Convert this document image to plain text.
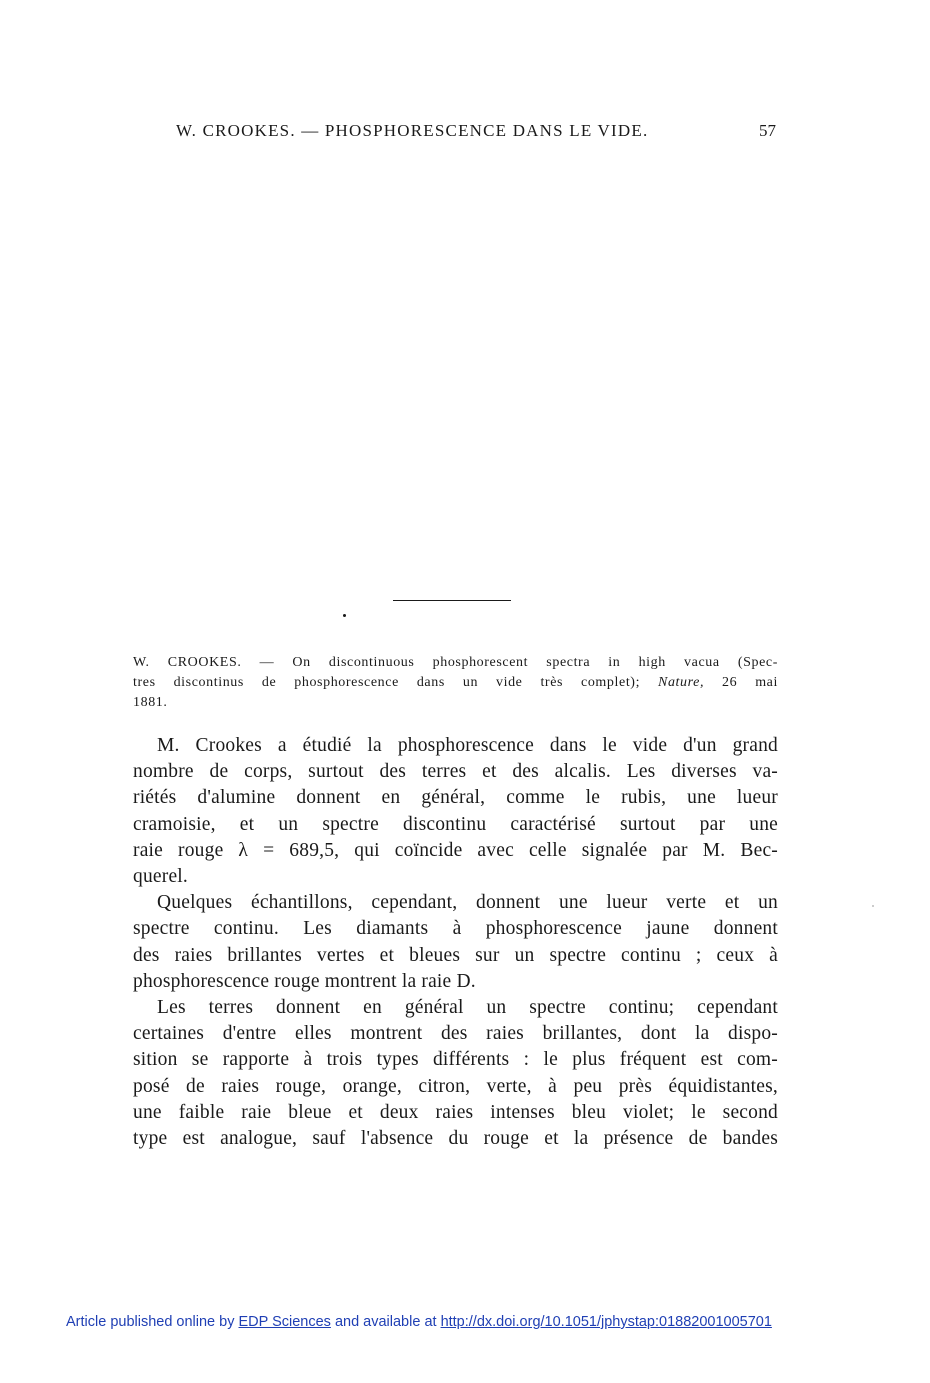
W. CROOKES. — PHOSPHORESCENCE DANS LE VIDE.	57
W. CROOKES. — On discontinuous phosphorescent spectra in high vacua (Spec-
tres discontinus de phosphorescence dans un vide très complet); Nature, 26 mai
1881.
M. Crookes a étudié la phosphorescence dans le vide d'un grand
nombre de corps, surtout des terres et des alcalis. Les diverses va-
riétés d'alumine donnent en général, comme le rubis, une lueur
cramoisie, et un spectre discontinu caractérisé surtout par une
raie rouge λ = 689,5, qui coïncide avec celle signalée par M. Bec-
querel.
Quelques échantillons, cependant, donnent une lueur verte et un
spectre continu. Les diamants à phosphorescence jaune donnent
des raies brillantes vertes et bleues sur un spectre continu ; ceux à
phosphorescence rouge montrent la raie D.
Les terres donnent en général un spectre continu; cependant
certaines d'entre elles montrent des raies brillantes, dont la dispo-
sition se rapporte à trois types différents : le plus fréquent est com-
posé de raies rouge, orange, citron, verte, à peu près équidistantes,
une faible raie bleue et deux raies intenses bleu violet; le second
type est analogue, sauf l'absence du rouge et la présence de bandes
Article published online by EDP Sciences and available at http://dx.doi.org/10.1051/jphystap:01882001005701
